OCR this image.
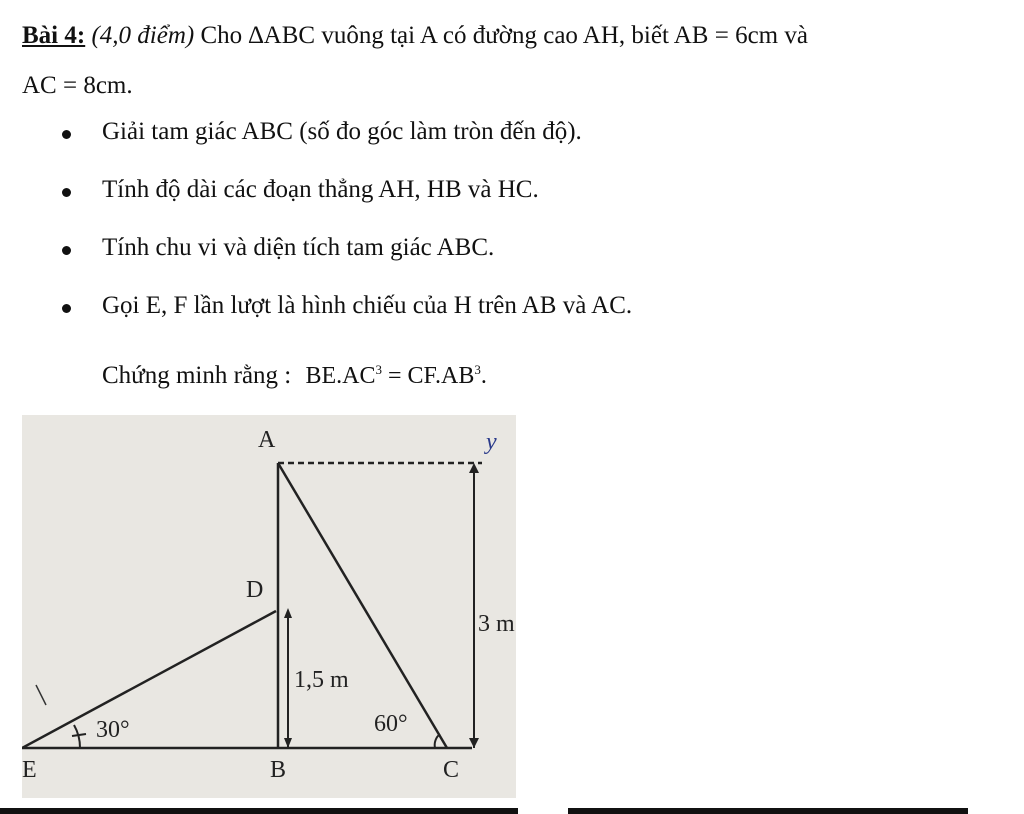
Bài 4: (4,0 điểm) Cho ∆ABC vuông tại A có đường cao AH, biết AB = 6cm và
AC = 8cm.
Giải tam giác ABC (số đo góc làm tròn đến độ).
Tính độ dài các đoạn thẳng AH, HB và HC.
Tính chu vi và diện tích tam giác ABC.
Gọi E, F lần lượt là hình chiếu của H trên AB và AC.
Chứng minh rằng : $BE.AC^3 = CF.AB^3$.
A	y
D
3 m
1,5 m
60°
30°
E	B	C
